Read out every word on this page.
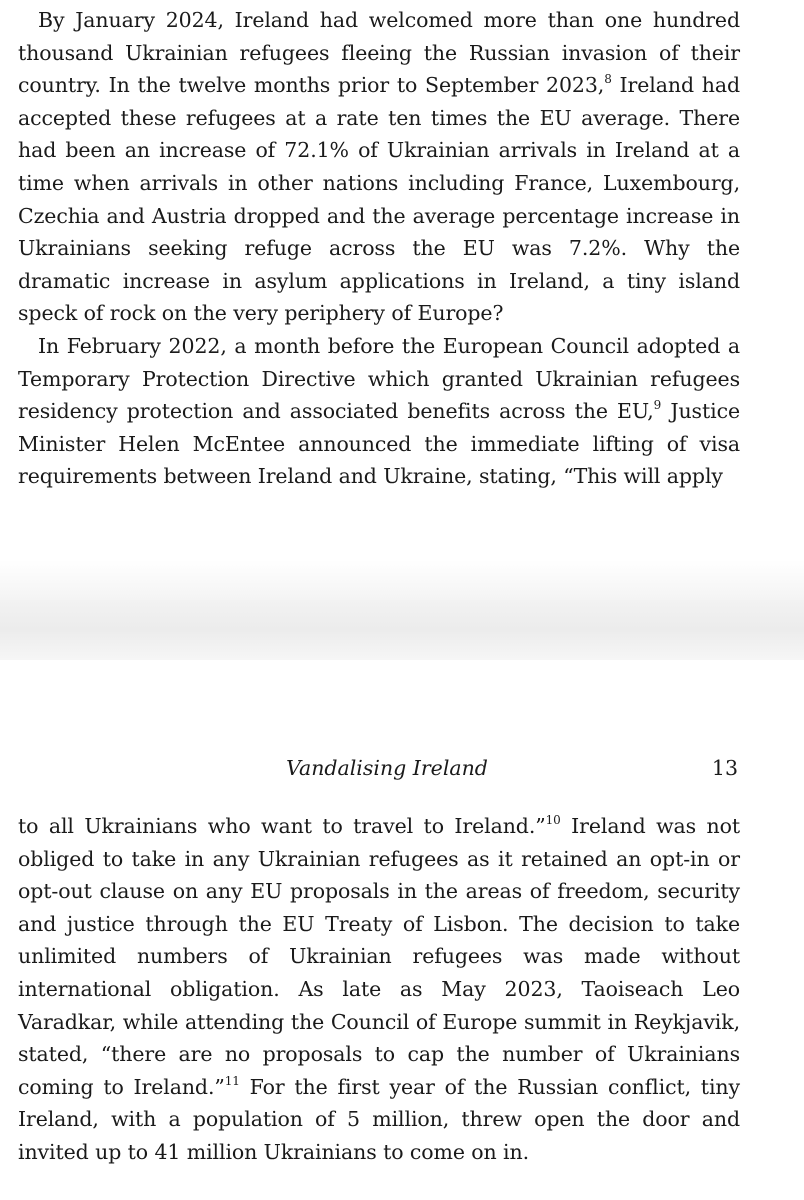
By January 2024, Ireland had welcomed more than one hundred thousand Ukrainian refugees fleeing the Russian invasion of their country. In the twelve months prior to September 2023,$^8$ Ireland had accepted these refugees at a rate ten times the EU average. There had been an increase of 72.1% of Ukrainian arrivals in Ireland at a time when arrivals in other nations including France, Luxembourg, Czechia and Austria dropped and the average percentage increase in Ukrainians seeking refuge across the EU was 7.2%. Why the dramatic increase in asylum applications in Ireland, a tiny island speck of rock on the very periphery of Europe?

In February 2022, a month before the European Council adopted a Temporary Protection Directive which granted Ukrainian refugees residency protection and associated benefits across the EU,$^9$ Justice Minister Helen McEntee announced the immediate lifting of visa requirements between Ireland and Ukraine, stating, “This will apply

Vandalising Ireland	13

to all Ukrainians who want to travel to Ireland.”$^{10}$ Ireland was not obliged to take in any Ukrainian refugees as it retained an opt-in or opt-out clause on any EU proposals in the areas of freedom, security and justice through the EU Treaty of Lisbon. The decision to take unlimited numbers of Ukrainian refugees was made without international obligation. As late as May 2023, Taoiseach Leo Varadkar, while attending the Council of Europe summit in Reykjavik, stated, “there are no proposals to cap the number of Ukrainians coming to Ireland.”$^{11}$ For the first year of the Russian conflict, tiny Ireland, with a population of 5 million, threw open the door and invited up to 41 million Ukrainians to come on in.
